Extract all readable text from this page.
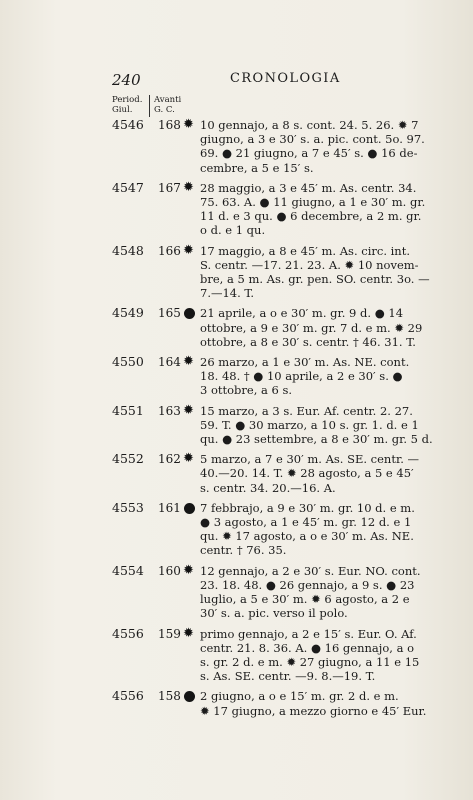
240	CRONOLOGIA
Period.
Giul.
Avanti
G. C.
4546	168 ✹ 10 gennajo, a 8 s. cont. 24. 5. 26. ✹ 7
giugno, a 3 e 30′ s. a. pic. cont. 5o. 97.
69. ● 21 giugno, a 7 e 45′ s. ● 16 de-
cembre, a 5 e 15′ s.
4547	167 ✹ 28 maggio, a 3 e 45′ m. As. centr. 34.
75. 63. A. ● 11 giugno, a 1 e 30′ m. gr.
11 d. e 3 qu. ● 6 decembre, a 2 m. gr.
o d. e 1 qu.
4548	166 ✹ 17 maggio, a 8 e 45′ m. As. circ. int.
S. centr. —17. 21. 23. A. ✹ 10 novem-
bre, a 5 m. As. gr. pen. SO. centr. 3o. —
7.—14. T.
4549	165 21 aprile, a o e 30′ m. gr. 9 d. ● 14
ottobre, a 9 e 30′ m. gr. 7 d. e m. ✹ 29
ottobre, a 8 e 30′ s. centr. † 46. 31. T.
4550	164 ✹ 26 marzo, a 1 e 30′ m. As. NE. cont.
18. 48. † ● 10 aprile, a 2 e 30′ s. ●
3 ottobre, a 6 s.
4551	163 ✹ 15 marzo, a 3 s. Eur. Af. centr. 2. 27.
59. T. ● 30 marzo, a 10 s. gr. 1. d. e 1
qu. ● 23 settembre, a 8 e 30′ m. gr. 5 d.
4552	162 ✹ 5 marzo, a 7 e 30′ m. As. SE. centr. —
40.—20. 14. T. ✹ 28 agosto, a 5 e 45′
s. centr. 34. 20.—16. A.
4553	161 7 febbrajo, a 9 e 30′ m. gr. 10 d. e m.
● 3 agosto, a 1 e 45′ m. gr. 12 d. e 1
qu. ✹ 17 agosto, a o e 30′ m. As. NE.
centr. † 76. 35.
4554	160 ✹ 12 gennajo, a 2 e 30′ s. Eur. NO. cont.
23. 18. 48. ● 26 gennajo, a 9 s. ● 23
luglio, a 5 e 30′ m. ✹ 6 agosto, a 2 e
30′ s. a. pic. verso il polo.
4556	159 ✹ primo gennajo, a 2 e 15′ s. Eur. O. Af.
centr. 21. 8. 36. A. ● 16 gennajo, a o
s. gr. 2 d. e m. ✹ 27 giugno, a 11 e 15
s. As. SE. centr. —9. 8.—19. T.
4556	158 2 giugno, a o e 15′ m. gr. 2 d. e m.
✹ 17 giugno, a mezzo giorno e 45′ Eur.
